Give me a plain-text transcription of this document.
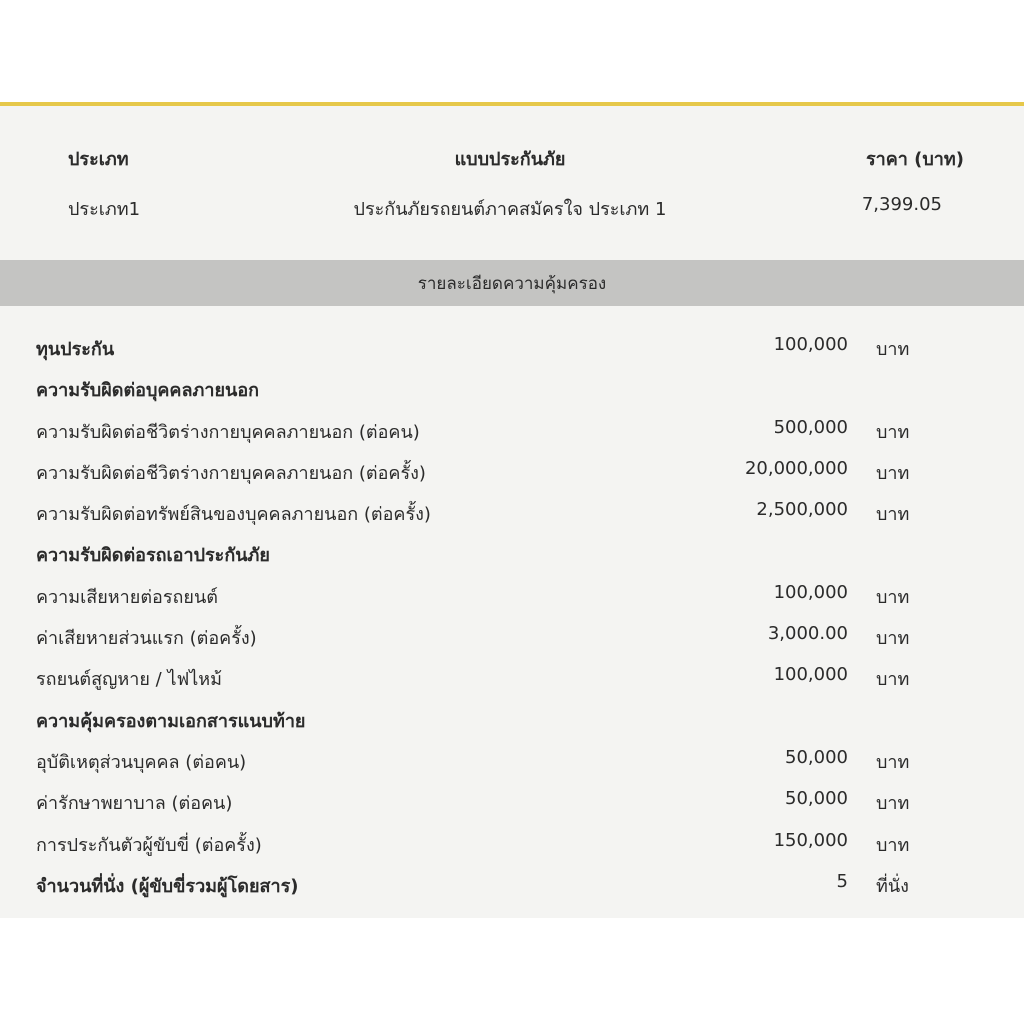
ประเภท	แบบประกันภัย	ราคา (บาท)
ประเภท1	ประกันภัยรถยนต์ภาคสมัครใจ ประเภท 1	7,399.05
รายละเอียดความคุ้มครอง
ทุนประกัน	100,000 บาท
ความรับผิดต่อบุคคลภายนอก
ความรับผิดต่อชีวิตร่างกายบุคคลภายนอก (ต่อคน)	500,000 บาท
ความรับผิดต่อชีวิตร่างกายบุคคลภายนอก (ต่อครั้ง)	20,000,000 บาท
ความรับผิดต่อทรัพย์สินของบุคคลภายนอก (ต่อครั้ง)	2,500,000 บาท
ความรับผิดต่อรถเอาประกันภัย
ความเสียหายต่อรถยนต์	100,000 บาท
ค่าเสียหายส่วนแรก (ต่อครั้ง)	3,000.00 บาท
รถยนต์สูญหาย / ไฟไหม้	100,000 บาท
ความคุ้มครองตามเอกสารแนบท้าย
อุบัติเหตุส่วนบุคคล (ต่อคน)	50,000 บาท
ค่ารักษาพยาบาล (ต่อคน)	50,000 บาท
การประกันตัวผู้ขับขี่ (ต่อครั้ง)	150,000 บาท
จำนวนที่นั่ง (ผู้ขับขี่รวมผู้โดยสาร)	5 ที่นั่ง
